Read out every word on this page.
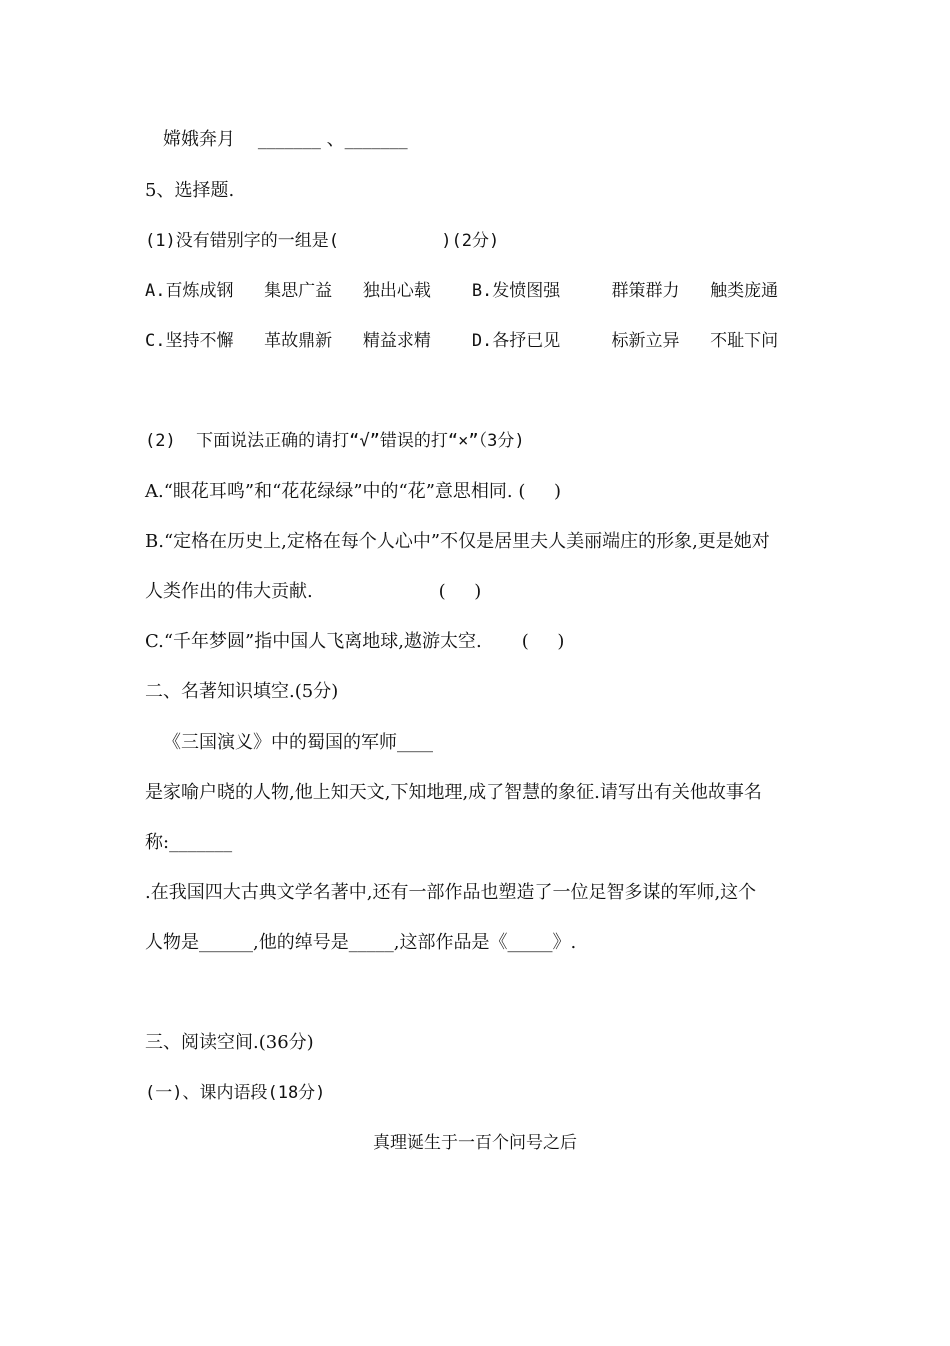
嫦娥奔月    _______ 、_______
5、选择题.
(1)没有错别字的一组是(          )(2分)
A.百炼成钢   集思广益   独出心载    B.发愤图强     群策群力   触类庞通
C.坚持不懈   革故鼎新   精益求精    D.各抒已见     标新立异   不耻下问
(2)  下面说法正确的请打“√”错误的打“×”（3分)
A.“眼花耳鸣”和“花花绿绿”中的“花”意思相同. (     )
B.“定格在历史上,定格在每个人心中”不仅是居里夫人美丽端庄的形象,更是她对
人类作出的伟大贡献.                      (     )
C.“千年梦圆”指中国人飞离地球,遨游太空.       (     )
二、名著知识填空.(5分)
《三国演义》中的蜀国的军师____
是家喻户晓的人物,他上知天文,下知地理,成了智慧的象征.请写出有关他故事名
称:_______
.在我国四大古典文学名著中,还有一部作品也塑造了一位足智多谋的军师,这个
人物是______,他的绰号是_____,这部作品是《_____》.
三、阅读空间.(36分)
(一)、课内语段(18分)
真理诞生于一百个问号之后
